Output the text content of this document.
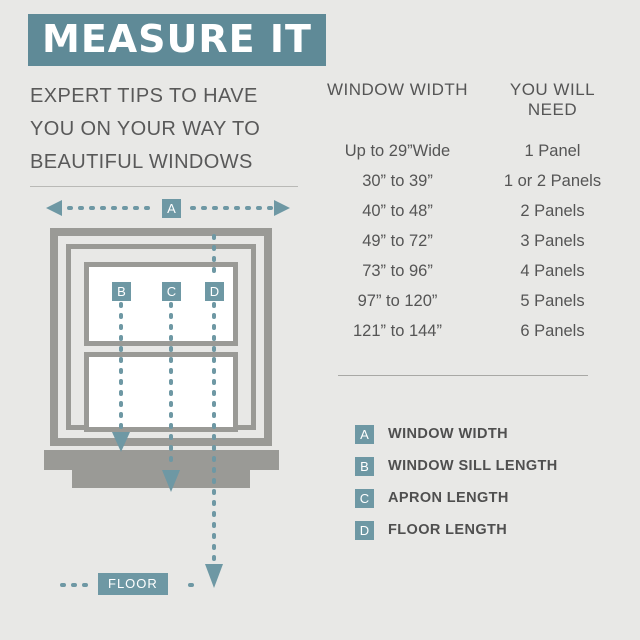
MEASURE IT
EXPERT TIPS TO HAVE
YOU ON YOUR WAY TO
BEAUTIFUL WINDOWS
WINDOW WIDTH	YOU WILL NEED
Up to 29”Wide	1 Panel
30” to 39”	1 or 2 Panels
40” to 48”	2 Panels
49” to 72”	3 Panels
73” to 96”	4 Panels
97” to 120”	5 Panels
121” to 144”	6 Panels
A	WINDOW WIDTH
B	WINDOW SILL LENGTH
C	APRON LENGTH
D	FLOOR LENGTH
A
B	C	D
FLOOR
